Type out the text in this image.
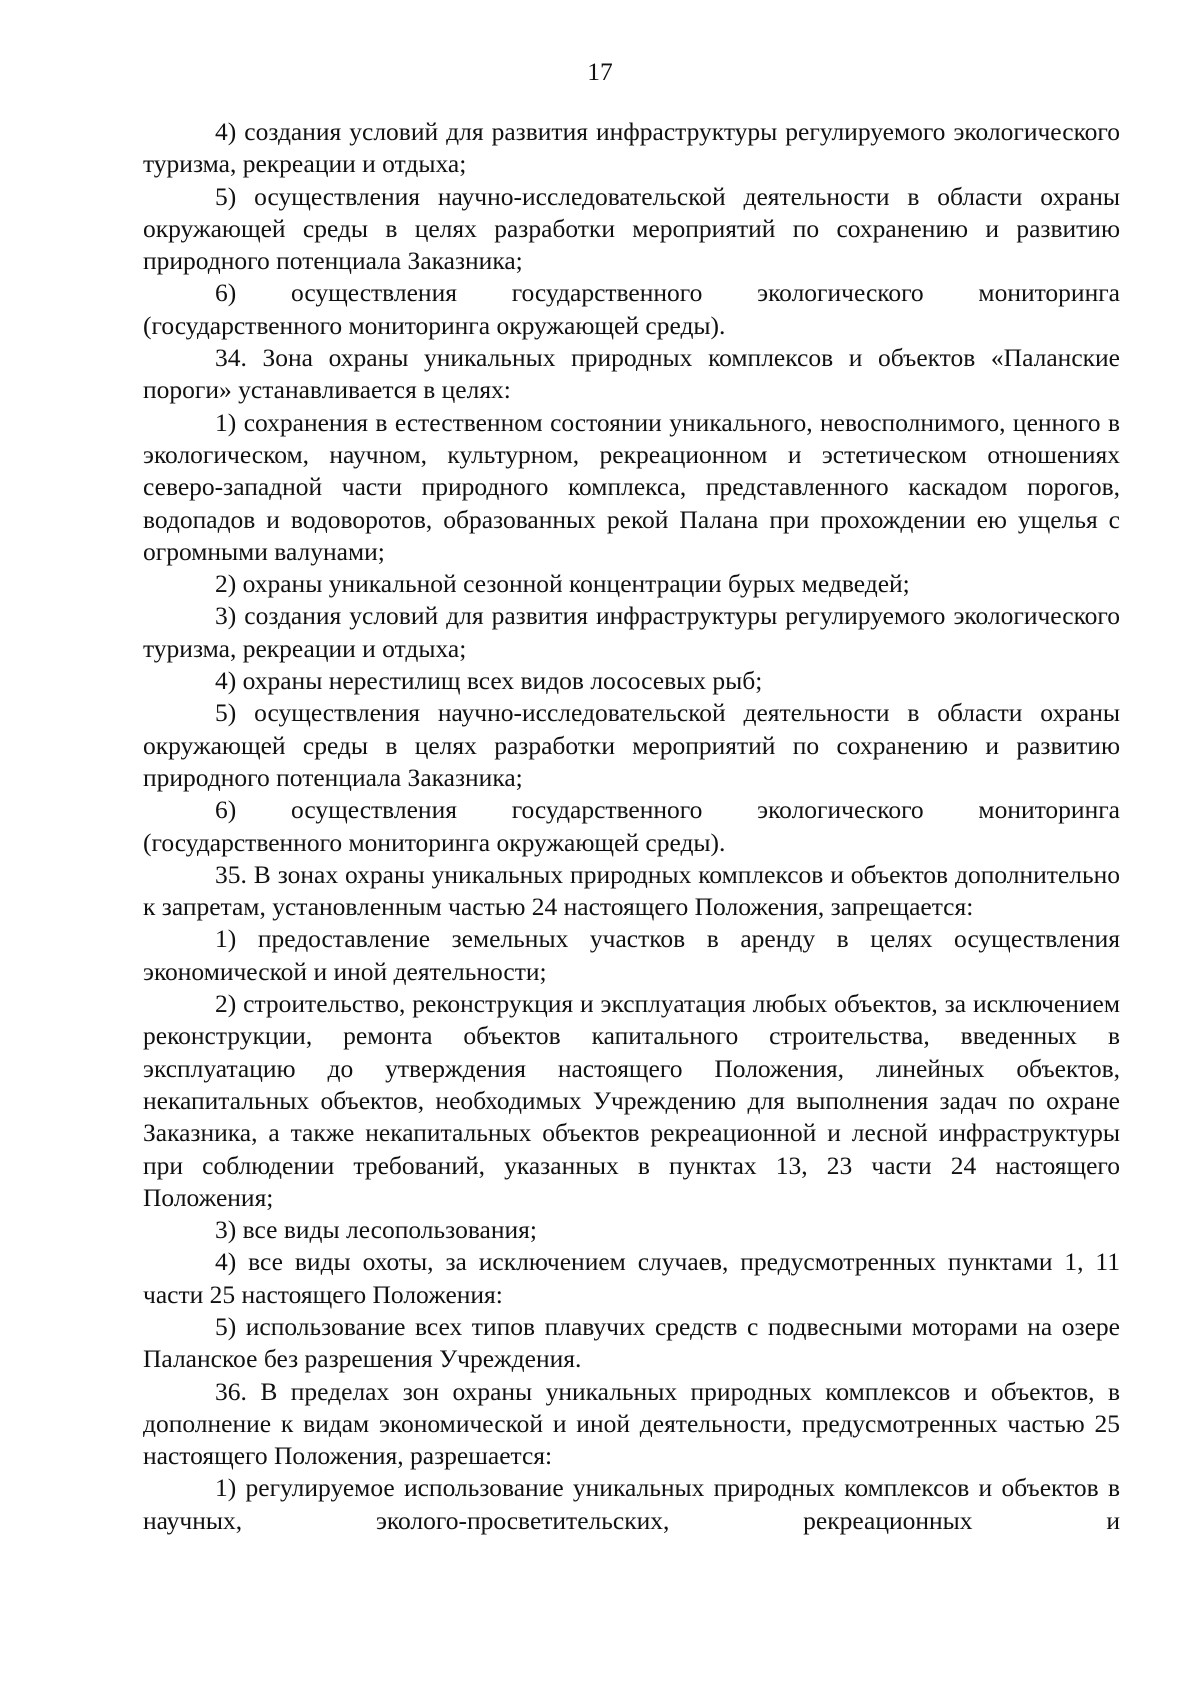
17

4) создания условий для развития инфраструктуры регулируемого экологического туризма, рекреации и отдыха;

5) осуществления научно-исследовательской деятельности в области охраны окружающей среды в целях разработки мероприятий по сохранению и развитию природного потенциала Заказника;

6) осуществления государственного экологического мониторинга (государственного мониторинга окружающей среды).

34. Зона охраны уникальных природных комплексов и объектов «Паланские пороги» устанавливается в целях:

1) сохранения в естественном состоянии уникального, невосполнимого, ценного в экологическом, научном, культурном, рекреационном и эстетическом отношениях северо-западной части природного комплекса, представленного каскадом порогов, водопадов и водоворотов, образованных рекой Палана при прохождении ею ущелья с огромными валунами;

2) охраны уникальной сезонной концентрации бурых медведей;

3) создания условий для развития инфраструктуры регулируемого экологического туризма, рекреации и отдыха;

4) охраны нерестилищ всех видов лососевых рыб;

5) осуществления научно-исследовательской деятельности в области охраны окружающей среды в целях разработки мероприятий по сохранению и развитию природного потенциала Заказника;

6) осуществления государственного экологического мониторинга (государственного мониторинга окружающей среды).

35. В зонах охраны уникальных природных комплексов и объектов дополнительно к запретам, установленным частью 24 настоящего Положения, запрещается:

1) предоставление земельных участков в аренду в целях осуществления экономической и иной деятельности;

2) строительство, реконструкция и эксплуатация любых объектов, за исключением реконструкции, ремонта объектов капитального строительства, введенных в эксплуатацию до утверждения настоящего Положения, линейных объектов, некапитальных объектов, необходимых Учреждению для выполнения задач по охране Заказника, а также некапитальных объектов рекреационной и лесной инфраструктуры при соблюдении требований, указанных в пунктах 13, 23 части 24 настоящего Положения;

3) все виды лесопользования;

4) все виды охоты, за исключением случаев, предусмотренных пунктами 1, 11 части 25 настоящего Положения:

5) использование всех типов плавучих средств с подвесными моторами на озере Паланское без разрешения Учреждения.

36. В пределах зон охраны уникальных природных комплексов и объектов, в дополнение к видам экономической и иной деятельности, предусмотренных частью 25 настоящего Положения, разрешается:

1) регулируемое использование уникальных природных комплексов и объектов в научных, эколого-просветительских, рекреационных и
